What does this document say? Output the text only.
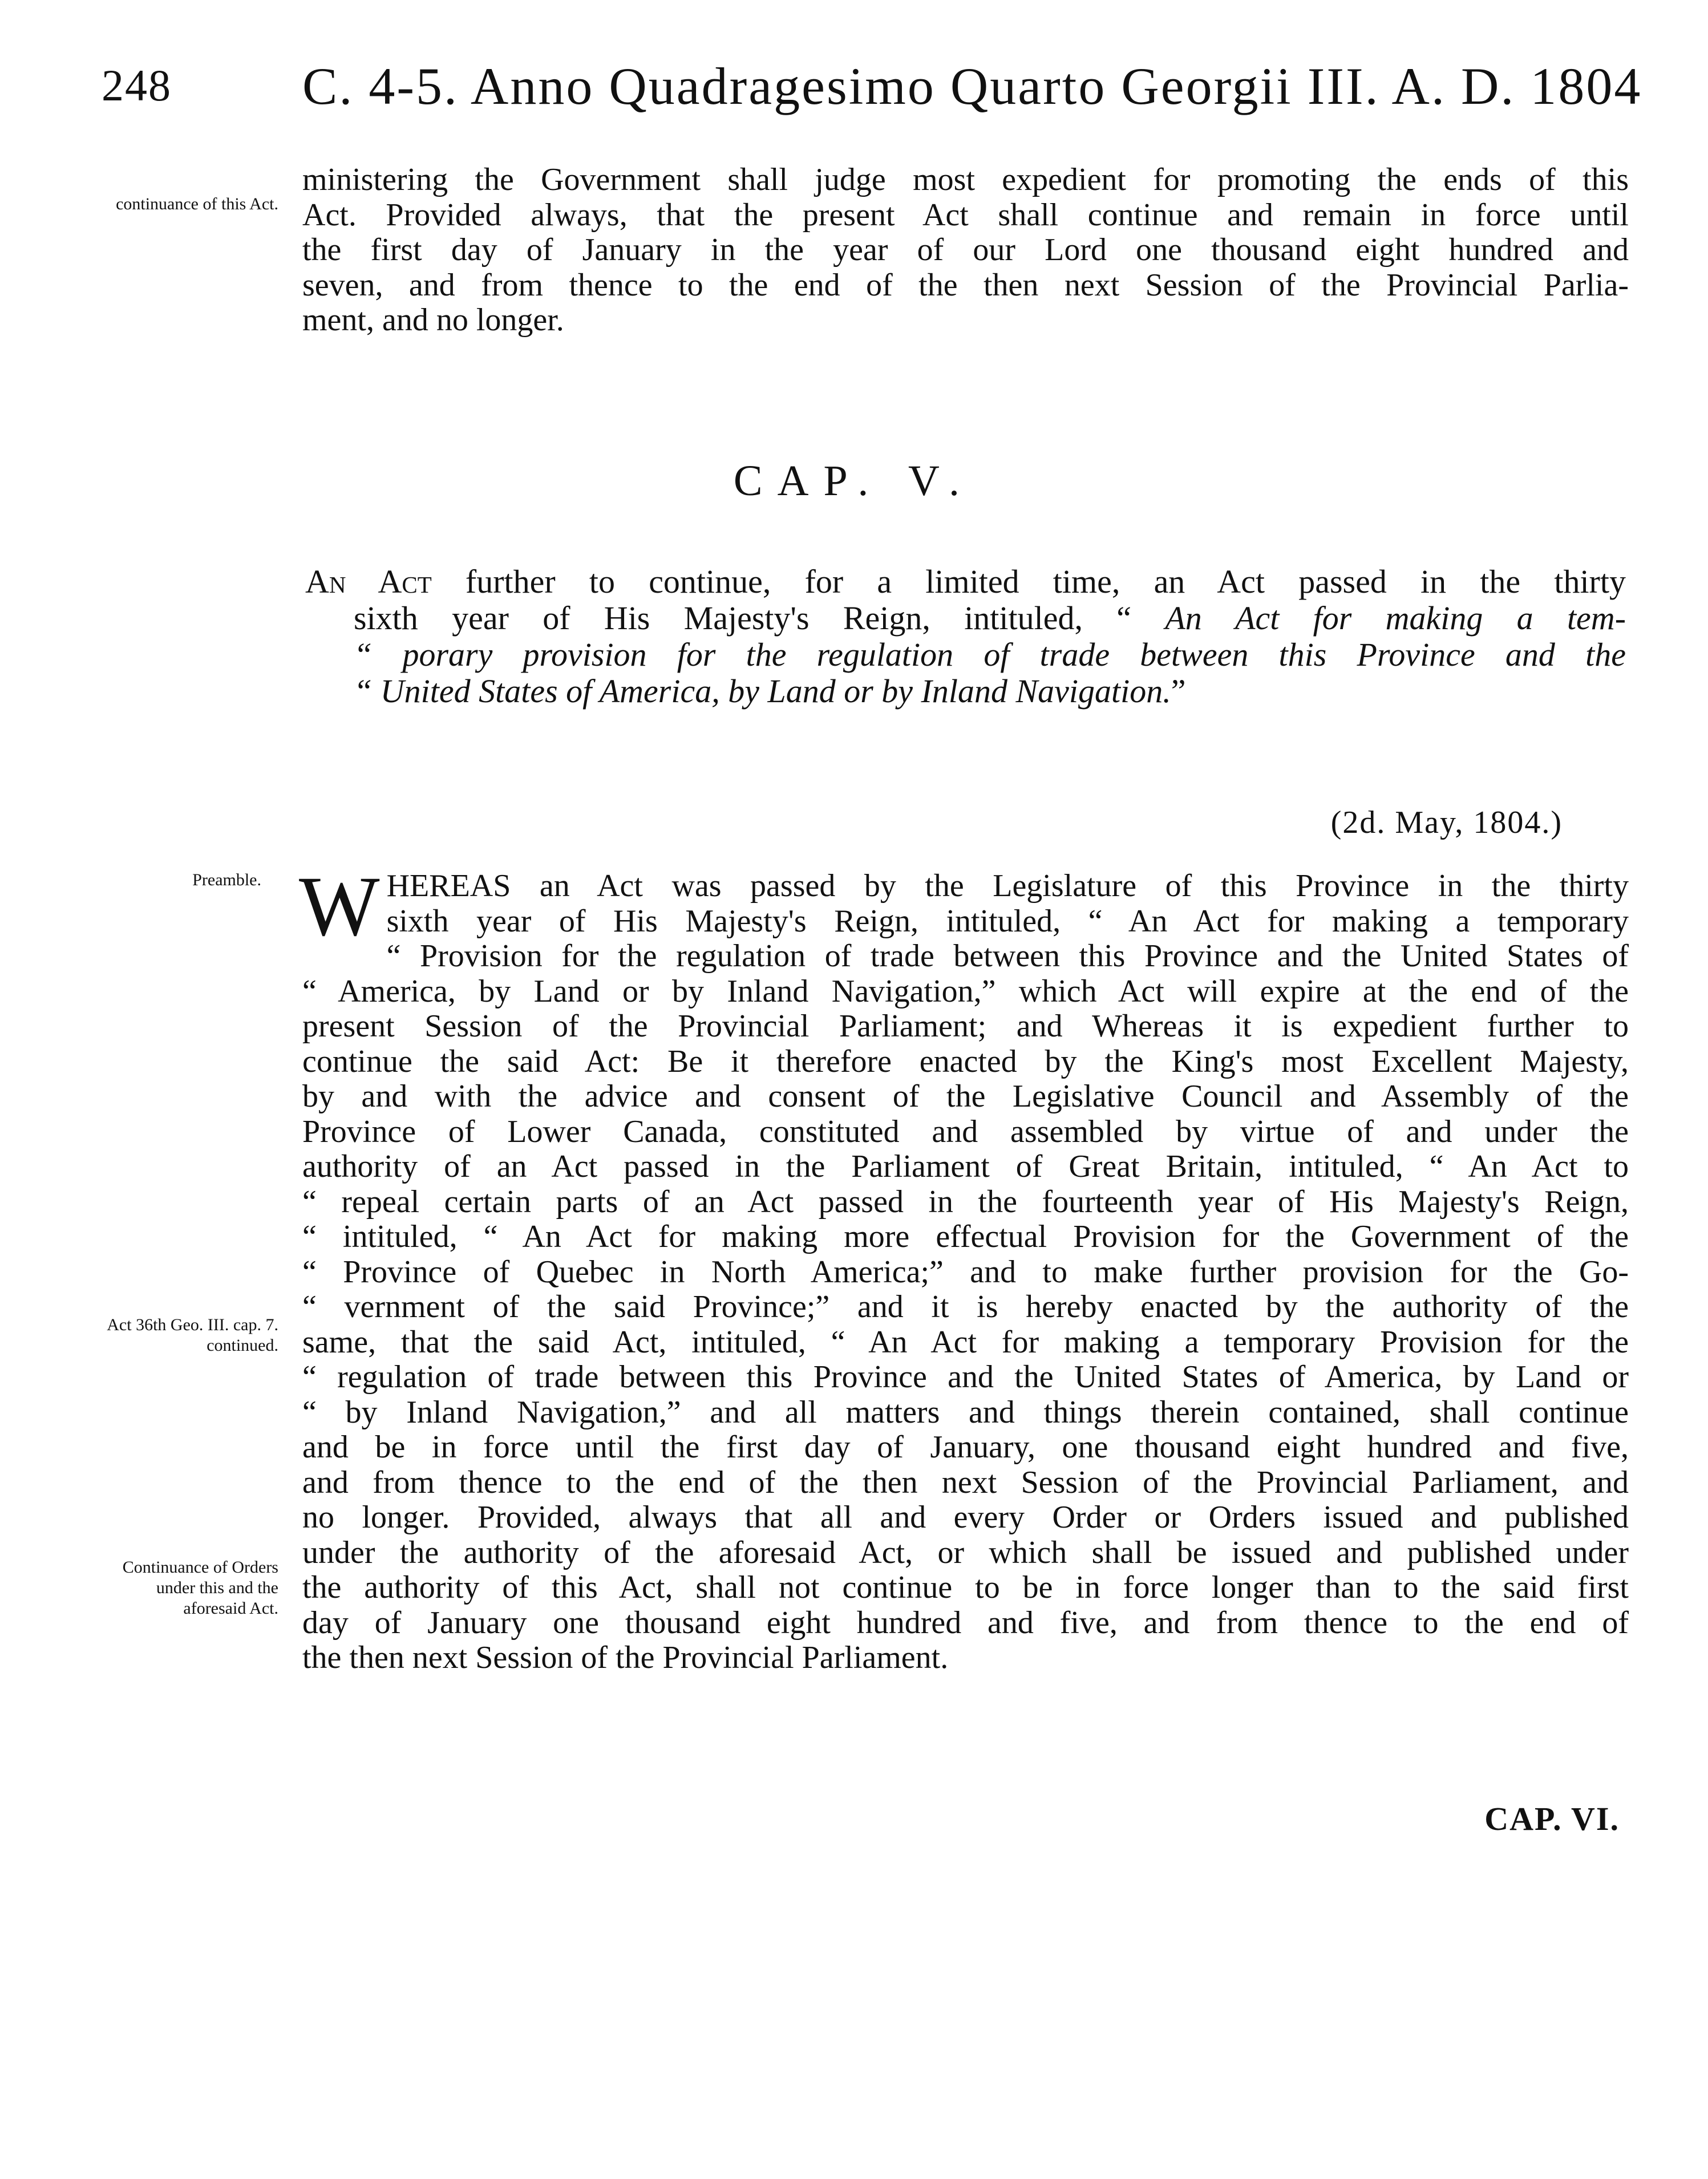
248 C. 4-5. Anno Quadragesimo Quarto Georgii III. A. D. 1804
continuance of this Act.
Preamble.
Act 36th Geo. III. cap. 7. continued.
Continuance of Orders under this and the aforesaid Act.
ministering the Government shall judge most expedient for promoting the ends of this
Act. Provided always, that the present Act shall continue and remain in force until
the first day of January in the year of our Lord one thousand eight hundred and
seven, and from thence to the end of the then next Session of the Provincial Parlia-
ment, and no longer.
CAP. V.
An Act further to continue, for a limited time, an Act passed in the thirty
sixth year of His Majesty's Reign, intituled, “ An Act for making a tem-
“ porary provision for the regulation of trade between this Province and the
“ United States of America, by Land or by Inland Navigation.”
(2d. May, 1804.)
W HEREAS an Act was passed by the Legislature of this Province in the thirty
sixth year of His Majesty's Reign, intituled, “ An Act for making a temporary
“ Provision for the regulation of trade between this Province and the United States of
“ America, by Land or by Inland Navigation,” which Act will expire at the end of the
present Session of the Provincial Parliament; and Whereas it is expedient further to
continue the said Act: Be it therefore enacted by the King's most Excellent Majesty,
by and with the advice and consent of the Legislative Council and Assembly of the
Province of Lower Canada, constituted and assembled by virtue of and under the
authority of an Act passed in the Parliament of Great Britain, intituled, “ An Act to
“ repeal certain parts of an Act passed in the fourteenth year of His Majesty's Reign,
“ intituled, “ An Act for making more effectual Provision for the Government of the
“ Province of Quebec in North America;” and to make further provision for the Go-
“ vernment of the said Province;” and it is hereby enacted by the authority of the
same, that the said Act, intituled, “ An Act for making a temporary Provision for the
“ regulation of trade between this Province and the United States of America, by Land or
“ by Inland Navigation,” and all matters and things therein contained, shall continue
and be in force until the first day of January, one thousand eight hundred and five,
and from thence to the end of the then next Session of the Provincial Parliament, and
no longer. Provided, always that all and every Order or Orders issued and published
under the authority of the aforesaid Act, or which shall be issued and published under
the authority of this Act, shall not continue to be in force longer than to the said first
day of January one thousand eight hundred and five, and from thence to the end of
the then next Session of the Provincial Parliament.
CAP. VI.
